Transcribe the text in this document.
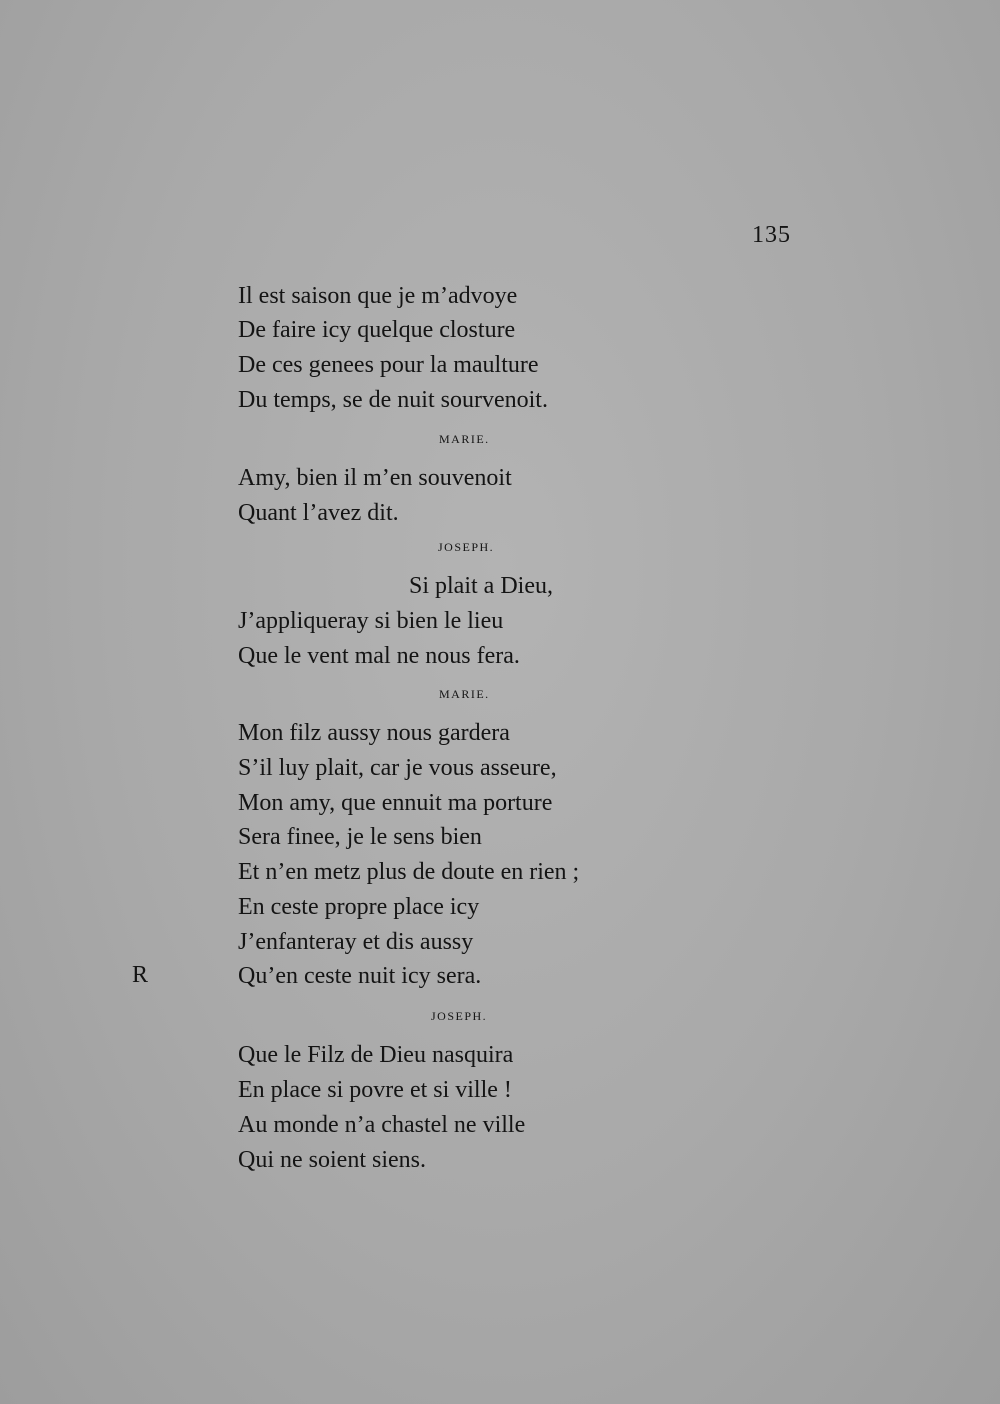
135
Il est saison que je m’advoye
De faire icy quelque closture
De ces genees pour la maulture
Du temps, se de nuit sourvenoit.
MARIE.
Amy, bien il m’en souvenoit
Quant l’avez dit.
JOSEPH.
Si plait a Dieu,
J’appliqueray si bien le lieu
Que le vent mal ne nous fera.
MARIE.
Mon filz aussy nous gardera
S’il luy plait, car je vous asseure,
Mon amy, que ennuit ma porture
Sera finee, je le sens bien
Et n’en metz plus de doute en rien ;
En ceste propre place icy
J’enfanteray et dis aussy
Qu’en ceste nuit icy sera.
R
JOSEPH.
Que le Filz de Dieu nasquira
En place si povre et si ville !
Au monde n’a chastel ne ville
Qui ne soient siens.
